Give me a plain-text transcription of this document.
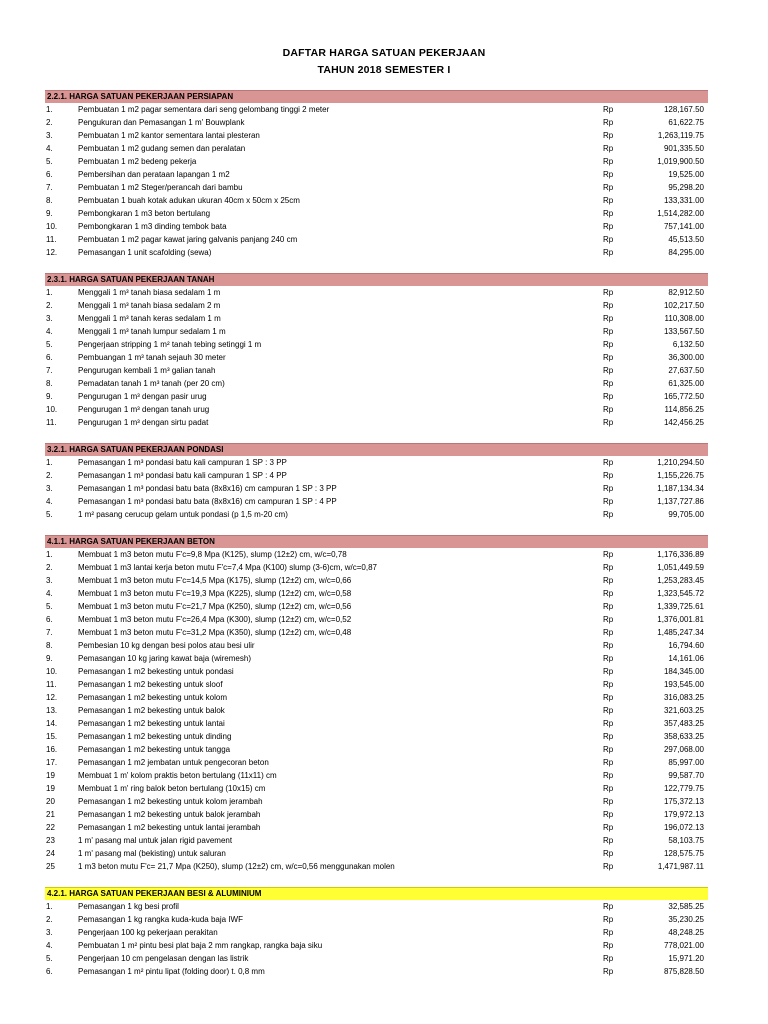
DAFTAR HARGA SATUAN PEKERJAAN
TAHUN 2018 SEMESTER I
2.2.1. HARGA SATUAN PEKERJAAN PERSIAPAN
1.	Pembuatan 1 m2 pagar sementara dari seng gelombang tinggi 2 meter	Rp	128,167.50
2.	Pengukuran dan Pemasangan 1 m' Bouwplank	Rp	61,622.75
3.	Pembuatan 1 m2 kantor sementara lantai plesteran	Rp	1,263,119.75
4.	Pembuatan 1 m2 gudang semen dan peralatan	Rp	901,335.50
5.	Pembuatan 1 m2 bedeng pekerja	Rp	1,019,900.50
6.	Pembersihan dan perataan lapangan 1 m2	Rp	19,525.00
7.	Pembuatan 1 m2 Steger/perancah dari bambu	Rp	95,298.20
8.	Pembuatan 1 buah kotak adukan ukuran 40cm x 50cm x 25cm	Rp	133,331.00
9.	Pembongkaran 1 m3 beton bertulang	Rp	1,514,282.00
10.	Pembongkaran 1 m3 dinding tembok bata	Rp	757,141.00
11.	Pembuatan 1 m2 pagar kawat jaring galvanis panjang 240 cm	Rp	45,513.50
12.	Pemasangan 1 unit scafolding (sewa)	Rp	84,295.00
2.3.1. HARGA SATUAN PEKERJAAN TANAH
1.	Menggali 1 m³ tanah biasa sedalam 1 m	Rp	82,912.50
2.	Menggali 1 m³ tanah biasa sedalam 2 m	Rp	102,217.50
3.	Menggali 1 m³ tanah keras sedalam 1 m	Rp	110,308.00
4.	Menggali 1 m³ tanah lumpur sedalam 1 m	Rp	133,567.50
5.	Pengerjaan stripping 1 m² tanah tebing setinggi 1 m	Rp	6,132.50
6.	Pembuangan 1 m³ tanah sejauh 30 meter	Rp	36,300.00
7.	Pengurugan kembali 1 m³ galian tanah	Rp	27,637.50
8.	Pemadatan tanah 1 m³ tanah (per 20 cm)	Rp	61,325.00
9.	Pengurugan 1 m³ dengan pasir urug	Rp	165,772.50
10.	Pengurugan 1 m³ dengan tanah urug	Rp	114,856.25
11.	Pengurugan 1 m³ dengan sirtu padat	Rp	142,456.25
3.2.1. HARGA SATUAN PEKERJAAN PONDASI
1.	Pemasangan 1 m³ pondasi batu kali campuran 1 SP : 3 PP	Rp	1,210,294.50
2.	Pemasangan 1 m³ pondasi batu kali campuran 1 SP : 4 PP	Rp	1,155,226.75
3.	Pemasangan 1 m³ pondasi batu bata (8x8x16) cm campuran 1 SP : 3 PP	Rp	1,187,134.34
4.	Pemasangan 1 m³ pondasi batu bata (8x8x16) cm campuran 1 SP : 4 PP	Rp	1,137,727.86
5.	1 m² pasang cerucup gelam untuk pondasi (p 1,5 m-20 cm)	Rp	99,705.00
4.1.1. HARGA SATUAN PEKERJAAN BETON
1.	Membuat 1 m3 beton mutu F'c=9,8 Mpa (K125), slump (12±2) cm, w/c=0,78	Rp	1,176,336.89
2.	Membuat 1 m3 lantai kerja beton mutu F'c=7,4 Mpa (K100) slump (3-6)cm, w/c=0,87	Rp	1,051,449.59
3.	Membuat 1 m3 beton mutu F'c=14,5 Mpa (K175), slump (12±2) cm, w/c=0,66	Rp	1,253,283.45
4.	Membuat 1 m3 beton mutu F'c=19,3 Mpa (K225), slump (12±2) cm, w/c=0,58	Rp	1,323,545.72
5.	Membuat 1 m3 beton mutu F'c=21,7 Mpa (K250), slump (12±2) cm, w/c=0,56	Rp	1,339,725.61
6.	Membuat 1 m3 beton mutu F'c=26,4 Mpa (K300), slump (12±2) cm, w/c=0,52	Rp	1,376,001.81
7.	Membuat 1 m3 beton mutu F'c=31,2 Mpa (K350), slump (12±2) cm, w/c=0,48	Rp	1,485,247.34
8.	Pembesian 10 kg dengan besi polos atau besi ulir	Rp	16,794.60
9.	Pemasangan 10 kg jaring kawat baja (wiremesh)	Rp	14,161.06
10.	Pemasangan 1 m2 bekesting untuk pondasi	Rp	184,345.00
11.	Pemasangan 1 m2 bekesting untuk sloof	Rp	193,545.00
12.	Pemasangan 1 m2 bekesting untuk kolom	Rp	316,083.25
13.	Pemasangan 1 m2 bekesting untuk balok	Rp	321,603.25
14.	Pemasangan 1 m2 bekesting untuk lantai	Rp	357,483.25
15.	Pemasangan 1 m2 bekesting untuk dinding	Rp	358,633.25
16.	Pemasangan 1 m2 bekesting untuk tangga	Rp	297,068.00
17.	Pemasangan 1 m2 jembatan untuk pengecoran beton	Rp	85,997.00
19	Membuat 1 m' kolom praktis beton bertulang (11x11) cm	Rp	99,587.70
19	Membuat 1 m' ring balok beton bertulang (10x15) cm	Rp	122,779.75
20	Pemasangan 1 m2 bekesting untuk kolom jerambah	Rp	175,372.13
21	Pemasangan 1 m2 bekesting untuk balok jerambah	Rp	179,972.13
22	Pemasangan 1 m2 bekesting untuk lantai jerambah	Rp	196,072.13
23	1 m' pasang mal untuk jalan rigid pavement	Rp	58,103.75
24	1 m' pasang mal (bekisting) untuk saluran	Rp	128,575.75
25	1 m3 beton mutu F'c= 21,7 Mpa (K250), slump (12±2) cm, w/c=0,56 menggunakan molen	Rp	1,471,987.11
4.2.1. HARGA SATUAN PEKERJAAN BESI & ALUMINIUM
1.	Pemasangan 1 kg besi profil	Rp	32,585.25
2.	Pemasangan 1 kg rangka kuda-kuda baja IWF	Rp	35,230.25
3.	Pengerjaan 100 kg pekerjaan perakitan	Rp	48,248.25
4.	Pembuatan 1 m² pintu besi plat baja 2 mm rangkap, rangka baja siku	Rp	778,021.00
5.	Pengerjaan 10 cm pengelasan dengan las listrik	Rp	15,971.20
6.	Pemasangan 1 m² pintu lipat (folding door) t. 0,8 mm	Rp	875,828.50
